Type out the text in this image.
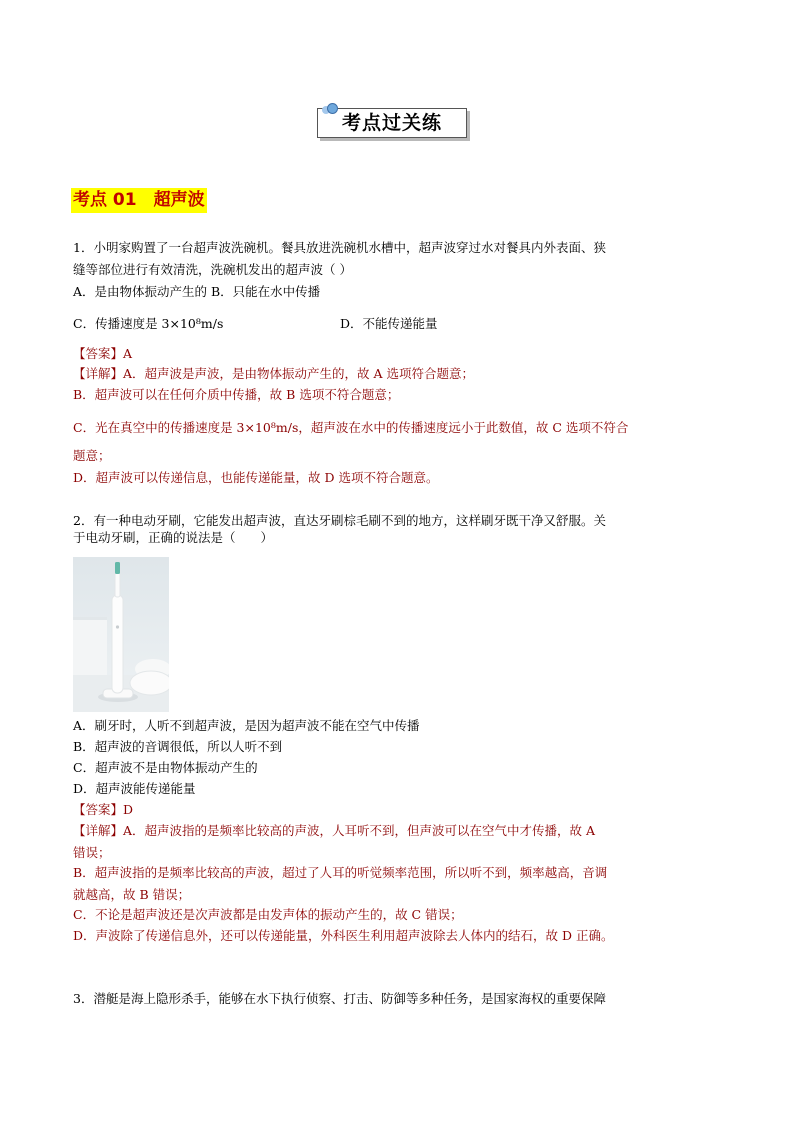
考点过关练
考点 01　超声波
1．小明家购置了一台超声波洗碗机。餐具放进洗碗机水槽中，超声波穿过水对餐具内外表面、狭
缝等部位进行有效清洗，洗碗机发出的超声波（ ）
A．是由物体振动产生的 B．只能在水中传播
C．传播速度是 3×10⁸m/s	D．不能传递能量
【答案】A
【详解】A．超声波是声波，是由物体振动产生的，故 A 选项符合题意；
B．超声波可以在任何介质中传播，故 B 选项不符合题意；
C．光在真空中的传播速度是 3×10⁸m/s，超声波在水中的传播速度远小于此数值，故 C 选项不符合
题意；
D．超声波可以传递信息，也能传递能量，故 D 选项不符合题意。
2．有一种电动牙刷，它能发出超声波，直达牙刷棕毛刷不到的地方，这样刷牙既干净又舒服。关
于电动牙刷，正确的说法是（　　）
A．刷牙时，人听不到超声波，是因为超声波不能在空气中传播
B．超声波的音调很低，所以人听不到
C．超声波不是由物体振动产生的
D．超声波能传递能量
【答案】D
【详解】A．超声波指的是频率比较高的声波，人耳听不到，但声波可以在空气中才传播，故 A
错误；
B．超声波指的是频率比较高的声波，超过了人耳的听觉频率范围，所以听不到，频率越高，音调
就越高，故 B 错误；
C．不论是超声波还是次声波都是由发声体的振动产生的，故 C 错误；
D．声波除了传递信息外，还可以传递能量，外科医生利用超声波除去人体内的结石，故 D 正确。
3．潜艇是海上隐形杀手，能够在水下执行侦察、打击、防御等多种任务，是国家海权的重要保障
